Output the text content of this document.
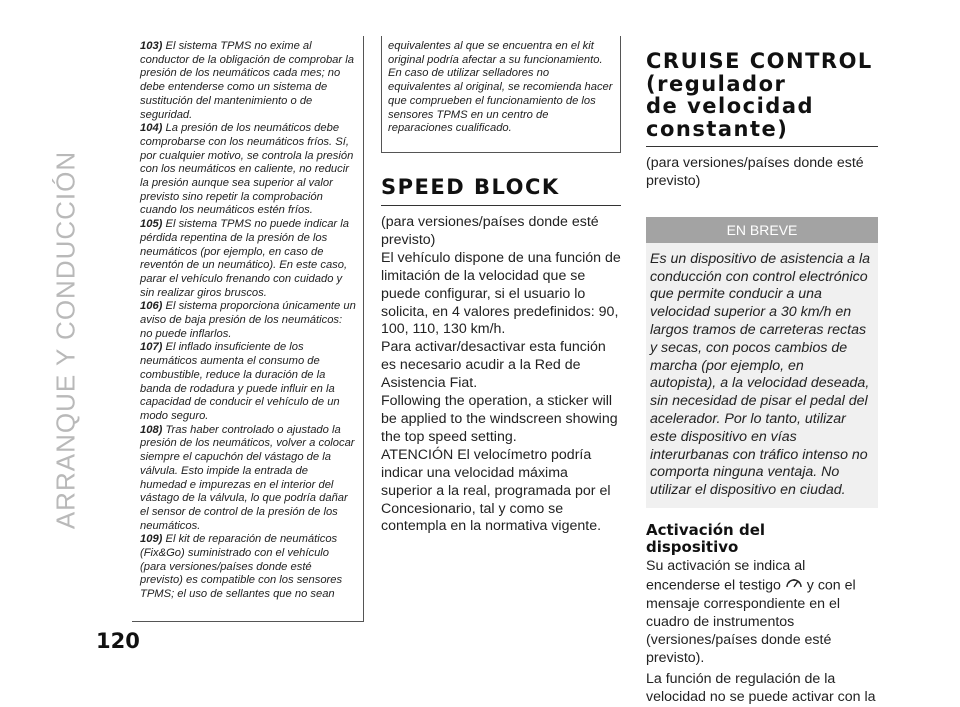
ARRANQUE Y CONDUCCIÓN
120

103) El sistema TPMS no exime al conductor de la obligación de comprobar la presión de los neumáticos cada mes; no debe entenderse como un sistema de sustitución del mantenimiento o de seguridad.

104) La presión de los neumáticos debe comprobarse con los neumáticos fríos. Sí, por cualquier motivo, se controla la presión con los neumáticos en caliente, no reducir la presión aunque sea superior al valor previsto sino repetir la comprobación cuando los neumáticos estén fríos.

105) El sistema TPMS no puede indicar la pérdida repentina de la presión de los neumáticos (por ejemplo, en caso de reventón de un neumático). En este caso, parar el vehículo frenando con cuidado y sin realizar giros bruscos.

106) El sistema proporciona únicamente un aviso de baja presión de los neumáticos: no puede inflarlos.

107) El inflado insuficiente de los neumáticos aumenta el consumo de combustible, reduce la duración de la banda de rodadura y puede influir en la capacidad de conducir el vehículo de un modo seguro.

108) Tras haber controlado o ajustado la presión de los neumáticos, volver a colocar siempre el capuchón del vástago de la válvula. Esto impide la entrada de humedad e impurezas en el interior del vástago de la válvula, lo que podría dañar el sensor de control de la presión de los neumáticos.

109) El kit de reparación de neumáticos (Fix&Go) suministrado con el vehículo (para versiones/países donde esté previsto) es compatible con los sensores TPMS; el uso de sellantes que no sean

equivalentes al que se encuentra en el kit original podría afectar a su funcionamiento. En caso de utilizar selladores no equivalentes al original, se recomienda hacer que comprueben el funcionamiento de los sensores TPMS en un centro de reparaciones cualificado.
SPEED BLOCK

(para versiones/países donde esté previsto)

El vehículo dispone de una función de limitación de la velocidad que se puede configurar, si el usuario lo solicita, en 4 valores predefinidos: 90, 100, 110, 130 km/h.

Para activar/desactivar esta función es necesario acudir a la Red de Asistencia Fiat.

Following the operation, a sticker will be applied to the windscreen showing the top speed setting.

ATENCIÓN El velocímetro podría indicar una velocidad máxima superior a la real, programada por el Concesionario, tal y como se contempla en la normativa vigente.

CRUISE CONTROL
(regulador
de velocidad
constante)
(para versiones/países donde esté previsto)
EN BREVE
Es un dispositivo de asistencia a la conducción con control electrónico que permite conducir a una velocidad superior a 30 km/h en largos tramos de carreteras rectas y secas, con pocos cambios de marcha (por ejemplo, en autopista), a la velocidad deseada, sin necesidad de pisar el pedal del acelerador. Por lo tanto, utilizar este dispositivo en vías interurbanas con tráfico intenso no comporta ninguna ventaja. No utilizar el dispositivo en ciudad.
Activación del
dispositivo

Su activación se indica al encenderse el testigo y con el mensaje correspondiente en el cuadro de instrumentos (versiones/países donde esté previsto).

La función de regulación de la velocidad no se puede activar con la
